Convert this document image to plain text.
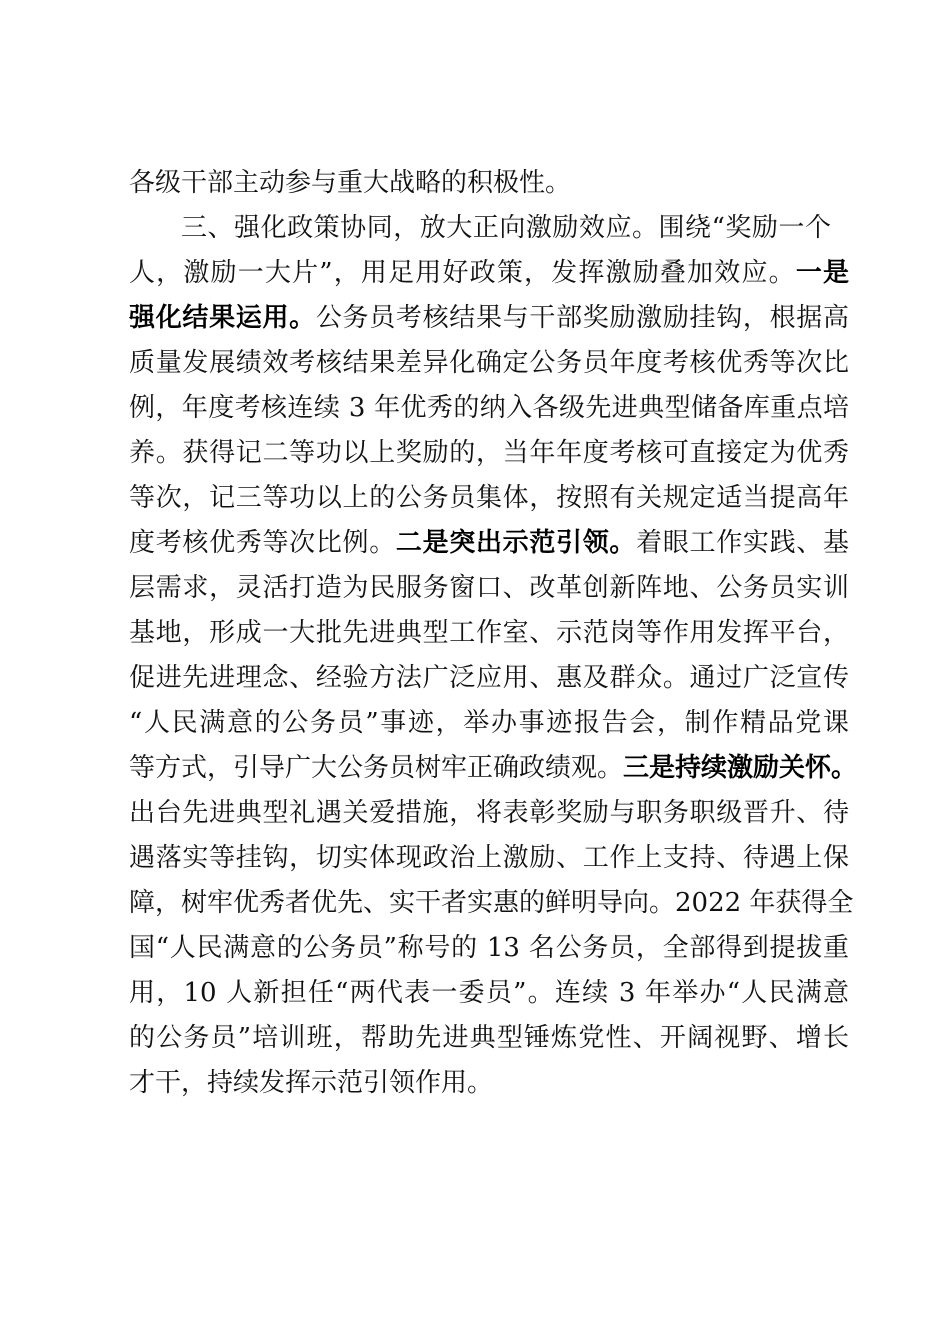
各级干部主动参与重大战略的积极性。
三、强化政策协同，放大正向激励效应。围绕“奖励一个
人，激励一大片”，用足用好政策，发挥激励叠加效应。一是
强化结果运用。公务员考核结果与干部奖励激励挂钩，根据高
质量发展绩效考核结果差异化确定公务员年度考核优秀等次比
例，年度考核连续 3 年优秀的纳入各级先进典型储备库重点培
养。获得记二等功以上奖励的，当年年度考核可直接定为优秀
等次，记三等功以上的公务员集体，按照有关规定适当提高年
度考核优秀等次比例。二是突出示范引领。着眼工作实践、基
层需求，灵活打造为民服务窗口、改革创新阵地、公务员实训
基地，形成一大批先进典型工作室、示范岗等作用发挥平台，
促进先进理念、经验方法广泛应用、惠及群众。通过广泛宣传
“人民满意的公务员”事迹，举办事迹报告会，制作精品党课
等方式，引导广大公务员树牢正确政绩观。三是持续激励关怀。
出台先进典型礼遇关爱措施，将表彰奖励与职务职级晋升、待
遇落实等挂钩，切实体现政治上激励、工作上支持、待遇上保
障，树牢优秀者优先、实干者实惠的鲜明导向。2022 年获得全
国“人民满意的公务员”称号的 13 名公务员，全部得到提拔重
用，10 人新担任“两代表一委员”。连续 3 年举办“人民满意
的公务员”培训班，帮助先进典型锤炼党性、开阔视野、增长
才干，持续发挥示范引领作用。
